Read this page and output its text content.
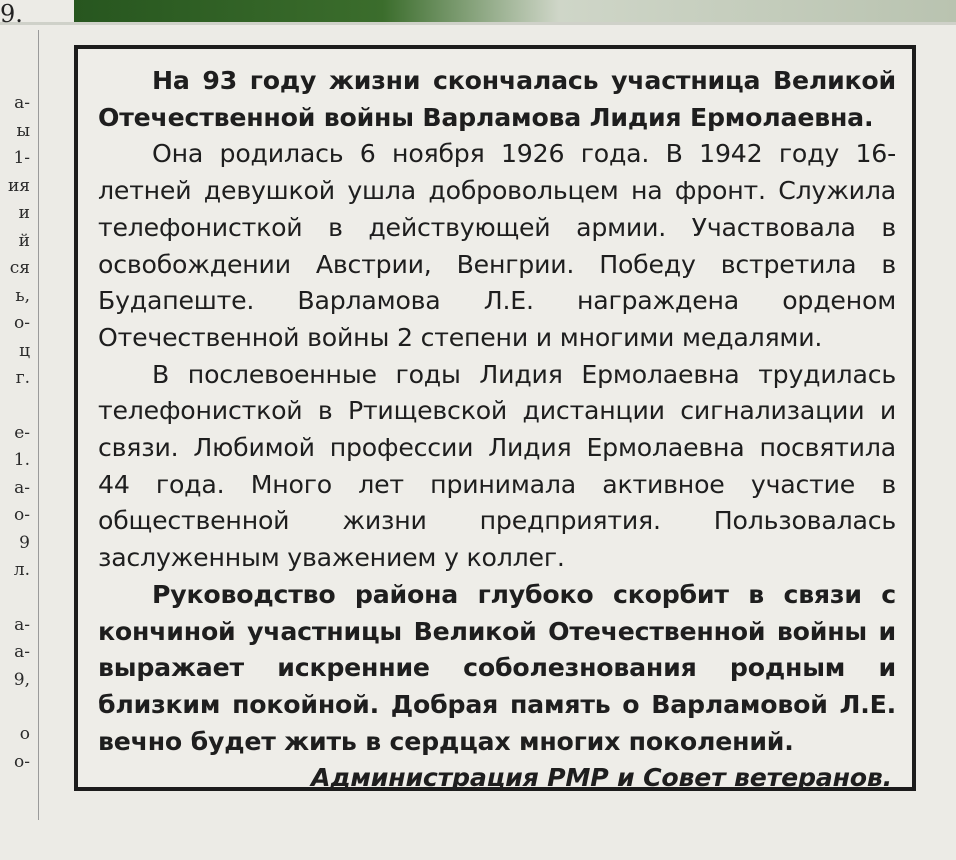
9.
а-
ы
1-
ия
и
й
ся
ь,
о-
ц
г.
е-
1.
а-
о-
9
л.
а-
а-
9,
о
о-

На 93 году жизни скончалась участница Великой Отечественной войны Варламова Лидия Ермолаевна.

Она родилась 6 ноября 1926 года. В 1942 году 16-летней девушкой ушла добровольцем на фронт. Служила телефонисткой в действующей армии. Участвовала в освобождении Австрии, Венгрии. Победу встретила в Будапеште. Варламова Л.Е. награждена орденом Отечественной войны 2 степени и многими медалями.

В послевоенные годы Лидия Ермолаевна трудилась телефонисткой в Ртищевской дистанции сигнализации и связи. Любимой профессии Лидия Ермолаевна посвятила 44 года. Много лет принимала активное участие в общественной жизни предприятия. Пользовалась заслуженным уважением у коллег.

Руководство района глубоко скорбит в связи с кончиной участницы Великой Отечественной войны и выражает искренние соболезнования родным и близким покойной. Добрая память о Варламовой Л.Е. вечно будет жить в сердцах многих поколений.

Администрация РМР и Совет ветеранов.
